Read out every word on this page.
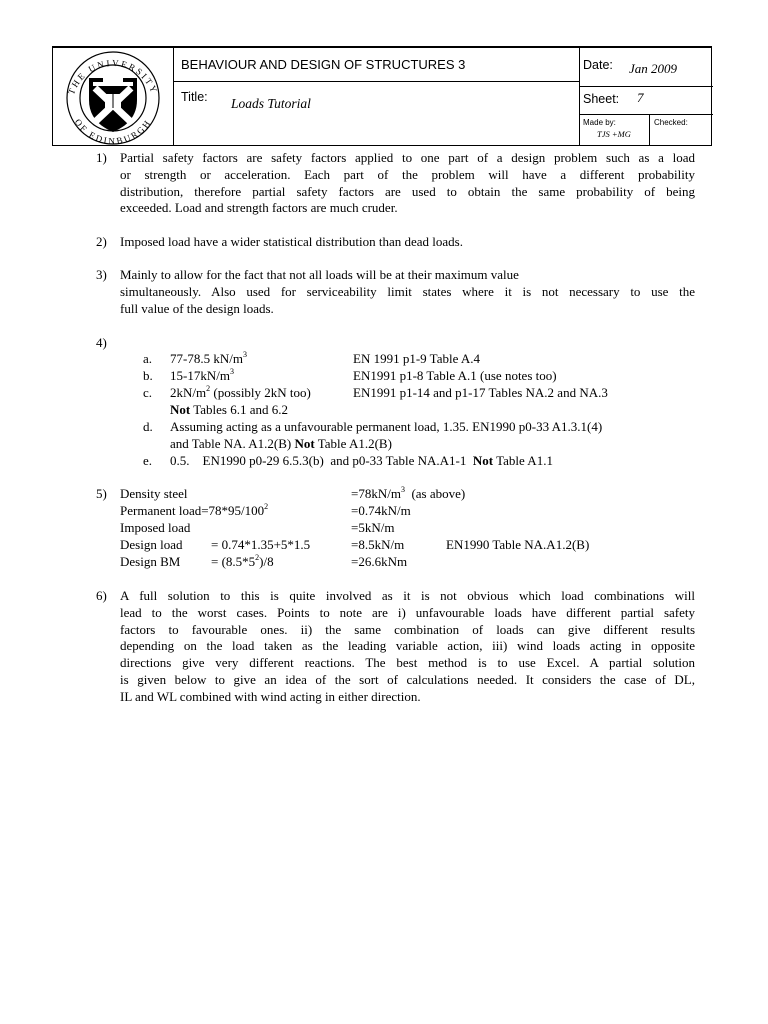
THE UNIVERSITY
OF EDINBURGH
BEHAVIOUR AND DESIGN OF STRUCTURES 3
Title: Loads Tutorial
Date: Jan 2009
Sheet: 7
Made by:
TJS +MG
Checked:
1) Partial safety factors are safety factors applied to one part of a design problem such as a load
or strength or acceleration. Each part of the problem will have a different probability
distribution, therefore partial safety factors are used to obtain the same probability of being
exceeded. Load and strength factors are much cruder.
2) Imposed load have a wider statistical distribution than dead loads.
3) Mainly to allow for the fact that not all loads will be at their maximum value
simultaneously. Also used for serviceability limit states where it is not necessary to use the
full value of the design loads.
4)
a. 77-78.5 $kN/m^3$	EN 1991 p1-9 Table A.4
b. $15-17kN/m^3$	EN1991 p1-8 Table A.1 (use notes too)
c. $2kN/m^2$ (possibly 2kN too)	EN1991 p1-14 and p1-17 Tables NA.2 and NA.3
Not Tables 6.1 and 6.2
d. Assuming acting as a unfavourable permanent load, 1.35. EN1990 p0-33 A1.3.1(4)
and Table NA. A1.2(B) Not Table A1.2(B)
e. 0.5.    EN1990 p0-29 6.5.3(b)  and p0-33 Table NA.A1-1  Not Table A1.1
5) Density steel	$=78kN/m^3$  (as above)
Permanent $load=78*95/100^2$	=0.74kN/m
Imposed load	=5kN/m
Design load = 0.74*1.35+5*1.5	=8.5kN/m	EN1990 Table NA.A1.2(B)
Design BM = $(8.5*5^2)/8$	=26.6kNm
6) A full solution to this is quite involved as it is not obvious which load combinations will
lead to the worst cases. Points to note are i) unfavourable loads have different partial safety
factors to favourable ones. ii) the same combination of loads can give different results
depending on the load taken as the leading variable action, iii) wind loads acting in opposite
directions give very different reactions. The best method is to use Excel. A partial solution
is given below to give an idea of the sort of calculations needed. It considers the case of DL,
IL and WL combined with wind acting in either direction.
